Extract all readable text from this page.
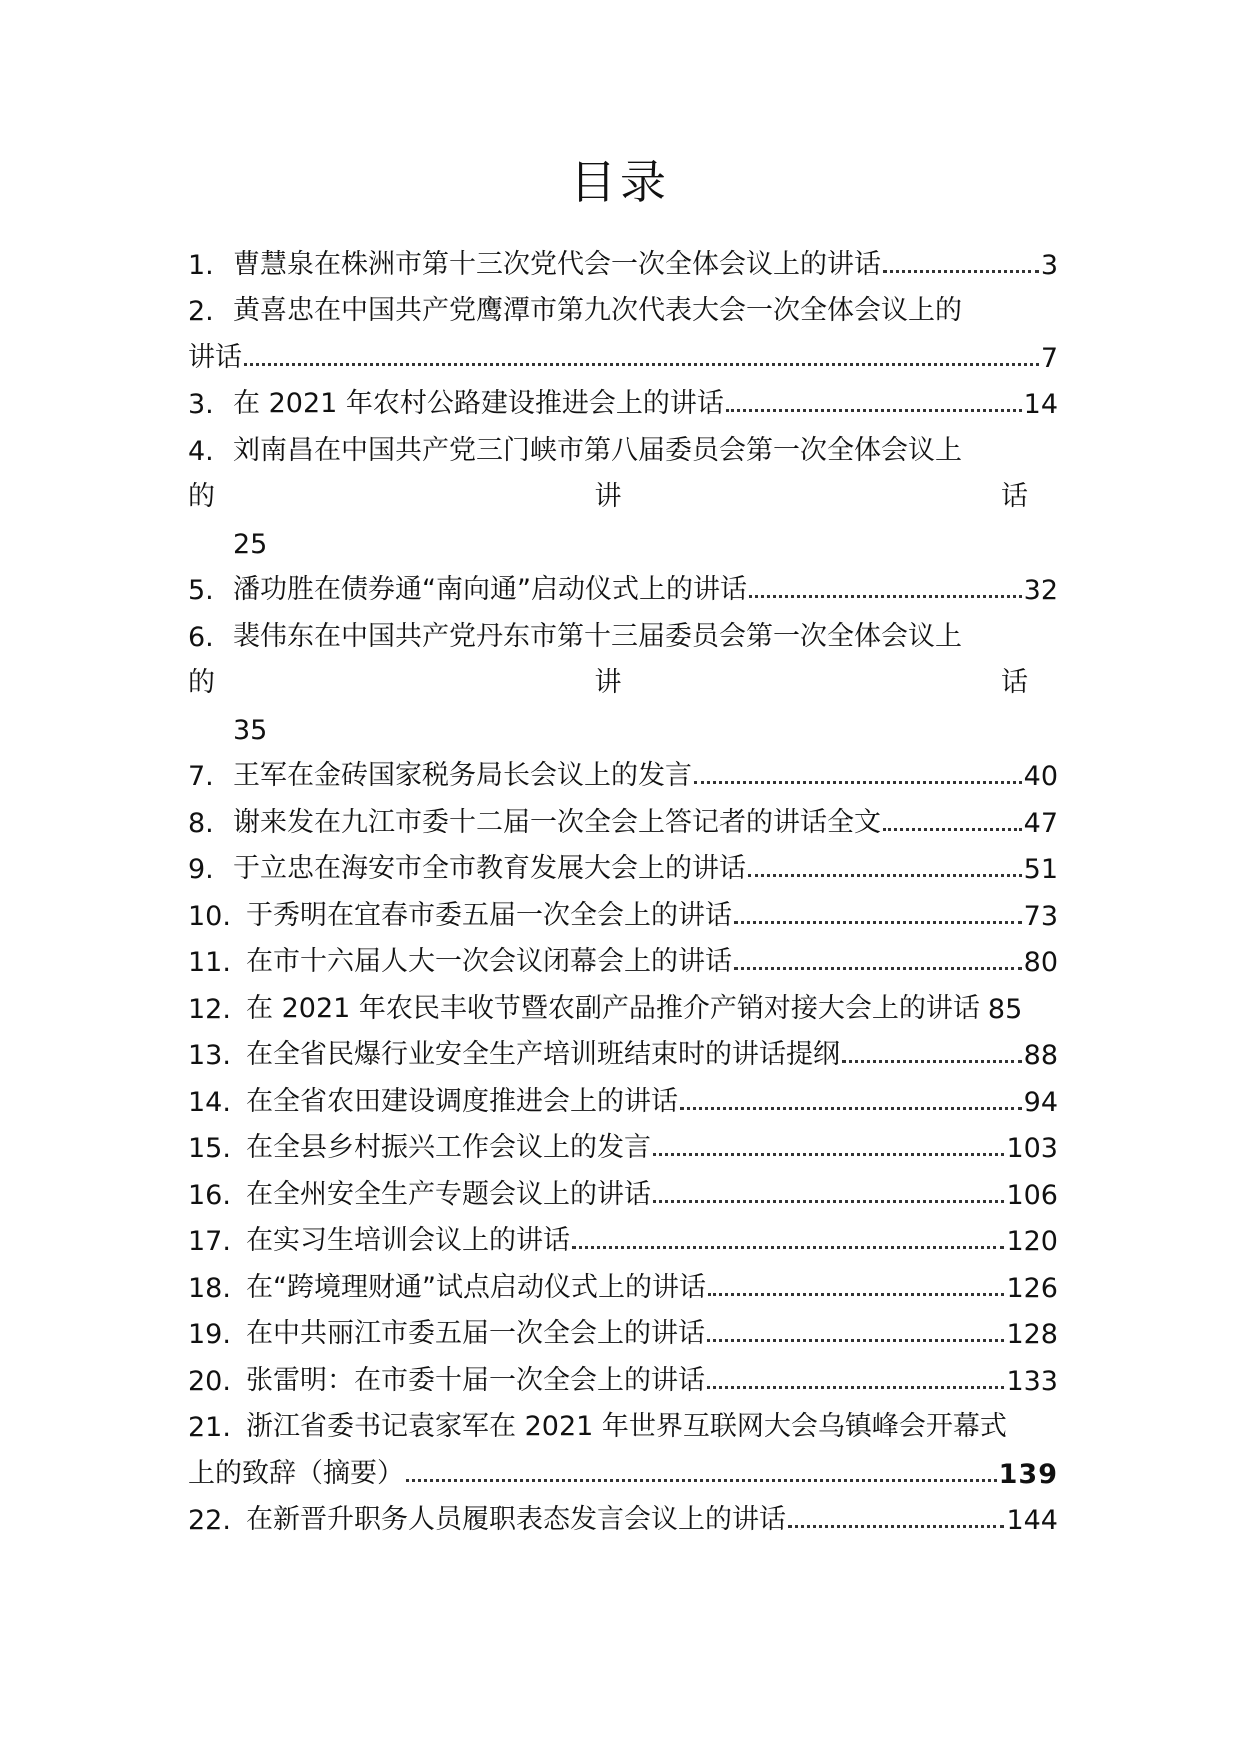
目录
1. 曹慧泉在株洲市第十三次党代会一次全体会议上的讲话	3
2. 黄喜忠在中国共产党鹰潭市第九次代表大会一次全体会议上的
讲话	7
3. 在 2021 年农村公路建设推进会上的讲话	14
4. 刘南昌在中国共产党三门峡市第八届委员会第一次全体会议上
的	讲	话
25
5. 潘功胜在债券通“南向通”启动仪式上的讲话	32
6. 裴伟东在中国共产党丹东市第十三届委员会第一次全体会议上
的	讲	话
35
7. 王军在金砖国家税务局长会议上的发言	40
8. 谢来发在九江市委十二届一次全会上答记者的讲话全文	47
9. 于立忠在海安市全市教育发展大会上的讲话	51
10. 于秀明在宜春市委五届一次全会上的讲话	73
11. 在市十六届人大一次会议闭幕会上的讲话	80
12. 在 2021 年农民丰收节暨农副产品推介产销对接大会上的讲话 85
13. 在全省民爆行业安全生产培训班结束时的讲话提纲	88
14. 在全省农田建设调度推进会上的讲话	94
15. 在全县乡村振兴工作会议上的发言	103
16. 在全州安全生产专题会议上的讲话	106
17. 在实习生培训会议上的讲话	120
18. 在“跨境理财通”试点启动仪式上的讲话	126
19. 在中共丽江市委五届一次全会上的讲话	128
20. 张雷明：在市委十届一次全会上的讲话	133
21. 浙江省委书记袁家军在 2021 年世界互联网大会乌镇峰会开幕式
上的致辞（摘要）	139
22. 在新晋升职务人员履职表态发言会议上的讲话	144
